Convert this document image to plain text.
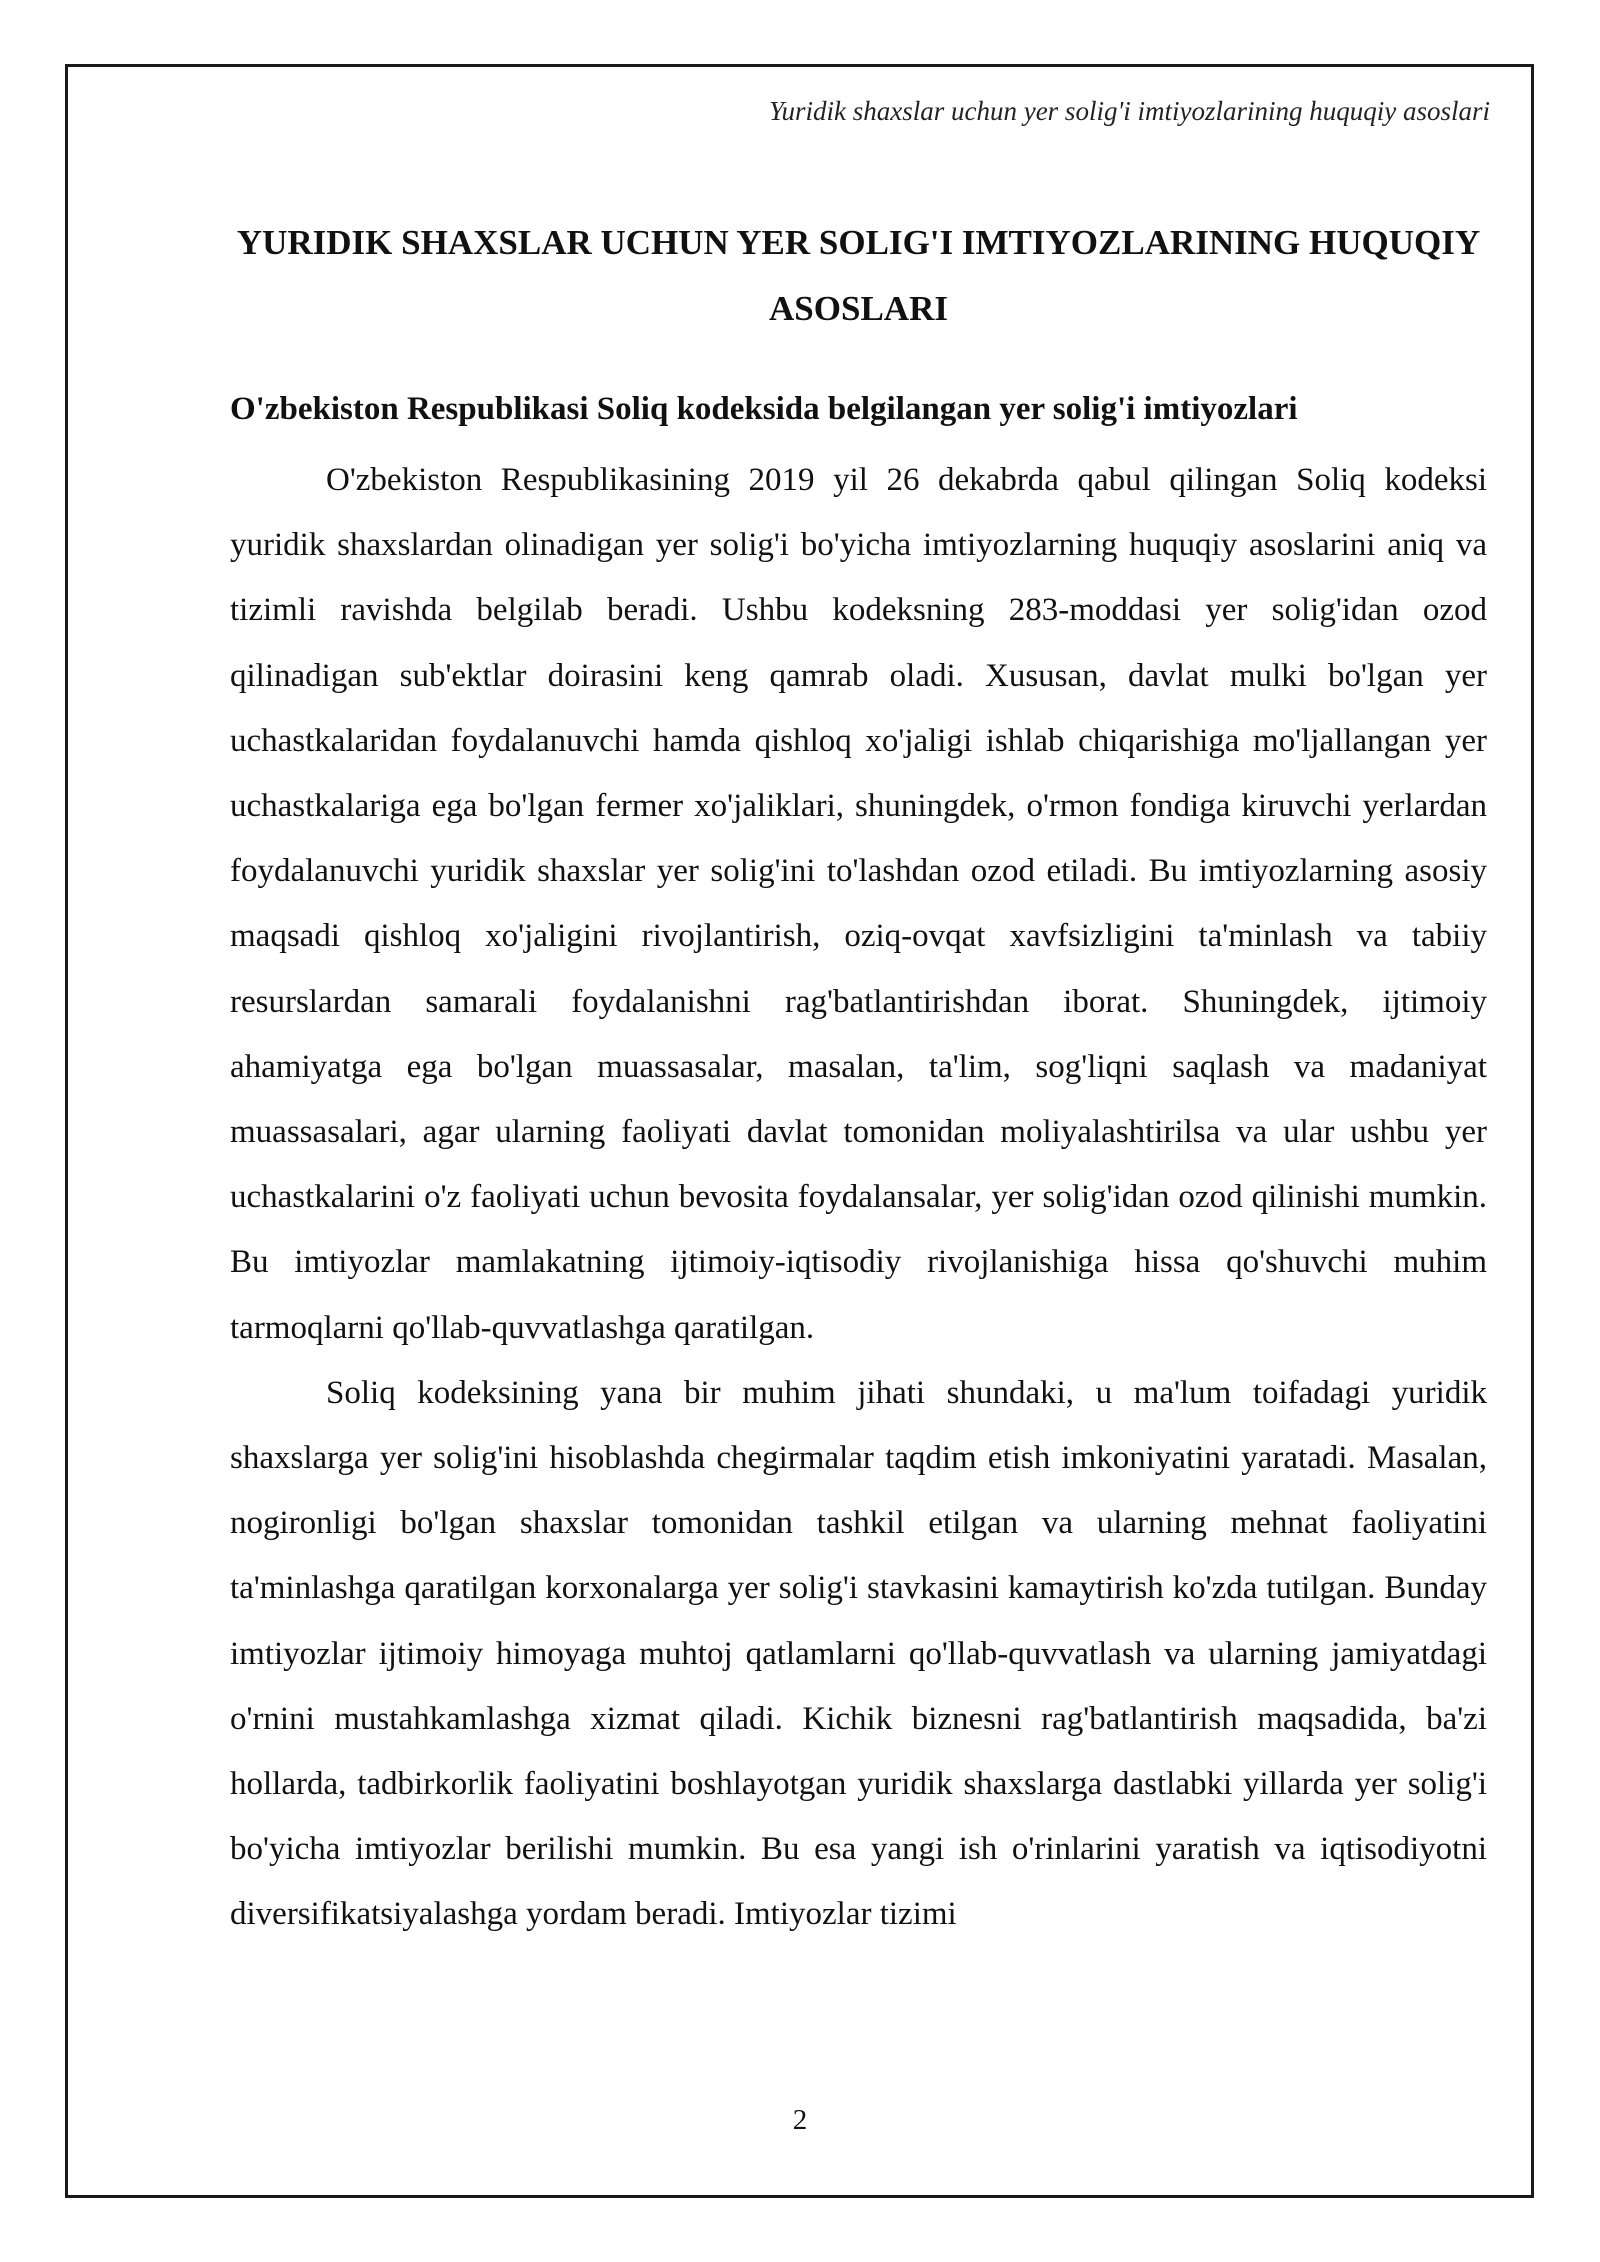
Yuridik shaxslar uchun yer solig'i imtiyozlarining huquqiy asoslari
YURIDIK SHAXSLAR UCHUN YER SOLIG'I IMTIYOZLARINING HUQUQIY ASOSLARI
O'zbekiston Respublikasi Soliq kodeksida belgilangan yer solig'i imtiyozlari

O'zbekiston Respublikasining 2019 yil 26 dekabrda qabul qilingan Soliq kodeksi yuridik shaxslardan olinadigan yer solig'i bo'yicha imtiyozlarning huquqiy asoslarini aniq va tizimli ravishda belgilab beradi. Ushbu kodeksning 283-moddasi yer solig'idan ozod qilinadigan sub'ektlar doirasini keng qamrab oladi. Xususan, davlat mulki bo'lgan yer uchastkalaridan foydalanuvchi hamda qishloq xo'jaligi ishlab chiqarishiga mo'ljallangan yer uchastkalariga ega bo'lgan fermer xo'jaliklari, shuningdek, o'rmon fondiga kiruvchi yerlardan foydalanuvchi yuridik shaxslar yer solig'ini to'lashdan ozod etiladi. Bu imtiyozlarning asosiy maqsadi qishloq xo'jaligini rivojlantirish, oziq-ovqat xavfsizligini ta'minlash va tabiiy resurslardan samarali foydalanishni rag'batlantirishdan iborat. Shuningdek, ijtimoiy ahamiyatga ega bo'lgan muassasalar, masalan, ta'lim, sog'liqni saqlash va madaniyat muassasalari, agar ularning faoliyati davlat tomonidan moliyalashtirilsa va ular ushbu yer uchastkalarini o'z faoliyati uchun bevosita foydalansalar, yer solig'idan ozod qilinishi mumkin. Bu imtiyozlar mamlakatning ijtimoiy-iqtisodiy rivojlanishiga hissa qo'shuvchi muhim tarmoqlarni qo'llab-quvvatlashga qaratilgan.

Soliq kodeksining yana bir muhim jihati shundaki, u ma'lum toifadagi yuridik shaxslarga yer solig'ini hisoblashda chegirmalar taqdim etish imkoniyatini yaratadi. Masalan, nogironligi bo'lgan shaxslar tomonidan tashkil etilgan va ularning mehnat faoliyatini ta'minlashga qaratilgan korxonalarga yer solig'i stavkasini kamaytirish ko'zda tutilgan. Bunday imtiyozlar ijtimoiy himoyaga muhtoj qatlamlarni qo'llab-quvvatlash va ularning jamiyatdagi o'rnini mustahkamlashga xizmat qiladi. Kichik biznesni rag'batlantirish maqsadida, ba'zi hollarda, tadbirkorlik faoliyatini boshlayotgan yuridik shaxslarga dastlabki yillarda yer solig'i bo'yicha imtiyozlar berilishi mumkin. Bu esa yangi ish o'rinlarini yaratish va iqtisodiyotni diversifikatsiyalashga yordam beradi. Imtiyozlar tizimi

2
